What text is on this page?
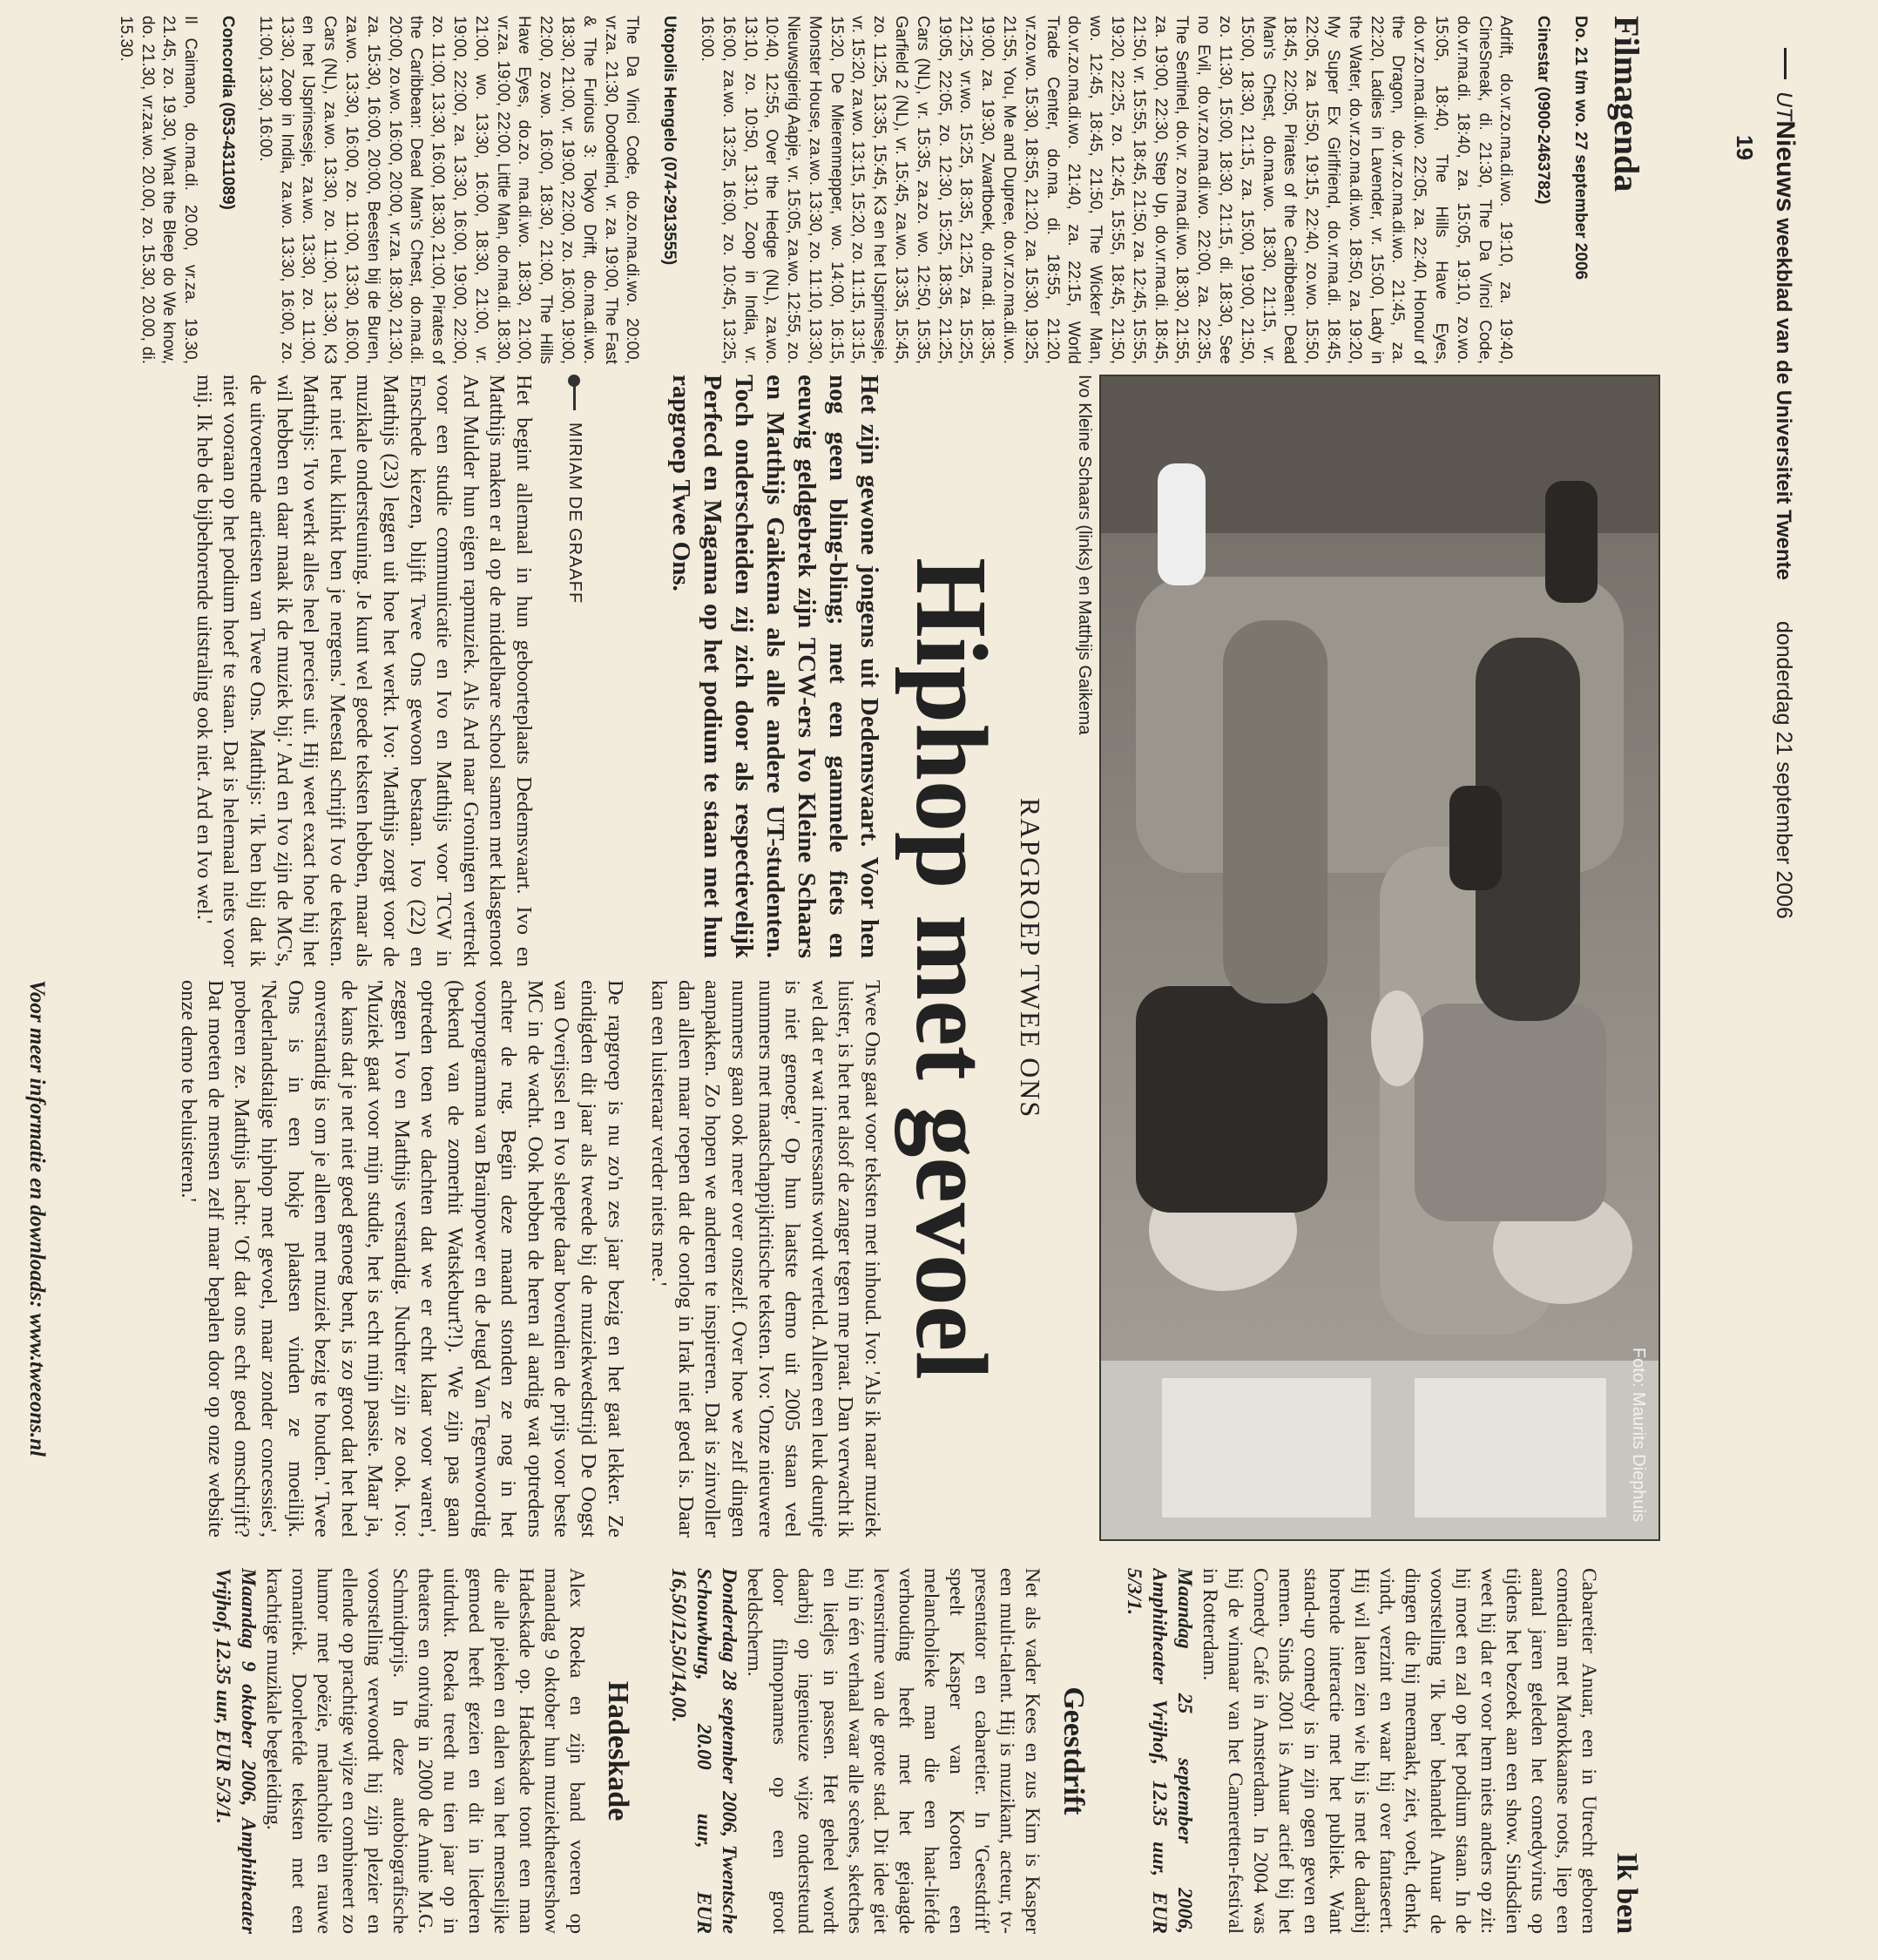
UTNieuws weekblad van de Universiteit Twente donderdag 21 september 2006
19
Filmagenda

Do. 21 t/m wo. 27 september 2006

Cinestar (0900-2463782)

Adrift, do.vr.zo.ma.di.wo. 19:10, za. 19:40, CineSneak, di. 21:30, The Da Vinci Code, do.vr.ma.di. 18:40, za. 15:05, 19:10, zo.wo. 15:05, 18:40, The Hills Have Eyes, do.vr.zo.ma.di.wo. 22:05, za. 22:40, Honour of the Dragon, do.vr.zo.ma.di.wo. 21:45, za. 22:20, Ladies in Lavender, vr. 15:00, Lady in the Water, do.vr.zo.ma.di.wo. 18:50, za. 19:20, My Super Ex Girlfriend, do.vr.ma.di. 18:45, 22:05, za. 15:50, 19:15, 22:40, zo.wo. 15:50, 18:45, 22:05, Pirates of the Caribbean: Dead Man's Chest, do.ma.wo. 18:30, 21:15, vr. 15:00, 18:30, 21:15, za. 15:00, 19:00, 21:50, zo. 11:30, 15:00, 18:30, 21:15, di. 18:30, See no Evil, do.vr.zo.ma.di.wo. 22:00, za. 22:35, The Sentinel, do.vr. zo.ma.di.wo. 18:30, 21:55, za. 19:00, 22:30, Step Up, do.vr.ma.di. 18:45, 21:50, vr. 15:55, 18:45, 21:50, za. 12:45, 15:55, 19:20, 22:25, zo. 12:45, 15:55, 18:45, 21:50, wo. 12:45, 18:45, 21:50, The Wicker Man, do.vr.zo.ma.di.wo. 21:40, za. 22:15, World Trade Center, do.ma. di. 18:55, 21:20, vr.zo.wo. 15:30, 18:55, 21:20, za. 15:30, 19:25, 21:55, You, Me and Dupree, do.vr.zo.ma.di.wo. 19:00, za. 19:30, Zwartboek, do.ma.di. 18:35, 21:25, vr.wo. 15:25, 18:35, 21:25, za. 15:25, 19:05, 22:05, zo. 12:30, 15:25, 18:35, 21:25, Cars (NL), vr. 15:35, za.zo. wo. 12:50, 15:35, Garfield 2 (NL), vr. 15:45, za.wo. 13:35, 15:45, zo. 11:25, 13:35, 15:45, K3 en het IJsprinsesje, vr. 15:20, za.wo. 13:15, 15:20, zo. 11:15, 13:15, 15:20, De Mierenmepper, wo. 14:00, 16:15, Monster House, za.wo. 13:30, zo. 11:10, 13:30, Nieuwsgierig Aapje, vr. 15:05, za.wo. 12:55, zo. 10:40, 12:55, Over the Hedge (NL), za.wo. 13:10, zo. 10:50, 13:10, Zoop in India, vr. 16:00, za.wo. 13:25, 16:00, zo. 10:45, 13:25, 16:00.

Utopolis Hengelo (074-2913555)

The Da Vinci Code, do.zo.ma.di.wo. 20:00, vr.za. 21:30, Doodeind, vr. za. 19:00, The Fast & The Furious 3: Tokyo Drift, do.ma.di.wo. 18:30, 21:00, vr. 19:00, 22:00, zo. 16:00, 19:00, 22:00, zo.wo. 16:00, 18:30, 21:00, The Hills Have Eyes, do.zo. ma.di.wo. 18:30, 21:00, vr.za. 19:00, 22:00, Little Man, do.ma.di. 18:30, 21:00, wo. 13:30, 16:00, 18:30, 21:00, vr. 19:00, 22:00, za. 13:30, 16:00, 19:00, 22:00, zo. 11:00, 13:30, 16:00, 18:30, 21:00, Pirates of the Caribbean: Dead Man's Chest, do.ma.di. 20:00, zo.wo. 16:00, 20:00, vr.za. 18:30, 21:30, za. 15:30, 16:00, 20:00, Beesten bij de Buren, za.wo. 13:30, 16:00, zo. 11:00, 13:30, 16:00, Cars (NL), za.wo. 13:30, zo. 11:00, 13:30, K3 en het IJsprinsesje, za.wo. 13:30, zo. 11:00, 13:30, Zoop in India, za.wo. 13:30, 16:00, zo. 11:00, 13:30, 16:00.

Concordia (053-4311089)

Il Caimano, do.ma.di. 20.00, vr.za. 19.30, 21.45, zo. 19.30, What the Bleep do We know, do. 21.30, vr.za.wo. 20.00, zo. 15.30, 20.00, di. 15.30.

Foto: Maurits Diephuis
Ivo Kleine Schaars (links) en Matthijs Gaikema
RAPGROEP TWEE ONS
Hiphop met gevoel
Het zijn gewone jongens uit Dedemsvaart. Voor hen nog geen bling-bling; met een gammele fiets en eeuwig geldgebrek zijn TCW-ers Ivo Kleine Schaars en Matthijs Gaikema als alle andere UT-studenten. Toch onderscheiden zij zich door als respectievelijk Perfecd en Magama op het podium te staan met hun rapgroep Twee Ons.
MIRIAM DE GRAAFF

Het begint allemaal in hun geboorteplaats Dedemsvaart. Ivo en Matthijs maken er al op de middelbare school samen met klasgenoot Ard Mulder hun eigen rapmuziek. Als Ard naar Groningen vertrekt voor een studie communicatie en Ivo en Matthijs voor TCW in Enschede kiezen, blijft Twee Ons gewoon bestaan. Ivo (22) en Matthijs (23) leggen uit hoe het werkt. Ivo: 'Matthijs zorgt voor de muzikale ondersteuning. Je kunt wel goede teksten hebben, maar als het niet leuk klinkt ben je nergens.' Meestal schrijft Ivo de teksten. Matthijs: 'Ivo werkt alles heel precies uit. Hij weet exact hoe hij het wil hebben en daar maak ik de muziek bij.' Ard en Ivo zijn de MC's, de uitvoerende artiesten van Twee Ons. Matthijs: 'Ik ben blij dat ik niet vooraan op het podium hoef te staan. Dat is helemaal niets voor mij. Ik heb de bijbehorende uitstraling ook niet. Ard en Ivo wel.'

Twee Ons gaat voor teksten met inhoud. Ivo: 'Als ik naar muziek luister, is het net alsof de zanger tegen me praat. Dan verwacht ik wel dat er wat interessants wordt verteld. Alleen een leuk deuntje is niet genoeg.' Op hun laatste demo uit 2005 staan veel nummers met maatschappijkritische teksten. Ivo: 'Onze nieuwere nummers gaan ook meer over onszelf. Over hoe we zelf dingen aanpakken. Zo hopen we anderen te inspireren. Dat is zinvoller dan alleen maar roepen dat de oorlog in Irak niet goed is. Daar kan een luisteraar verder niets mee.'

De rapgroep is nu zo'n zes jaar bezig en het gaat lekker. Ze eindigden dit jaar als tweede bij de muziekwedstrijd De Oogst van Overijssel en Ivo sleepte daar bovendien de prijs voor beste MC in de wacht. Ook hebben de heren al aardig wat optredens achter de rug. Begin deze maand stonden ze nog in het voorprogramma van Brainpower en de Jeugd Van Tegenwoordig (bekend van de zomerhit Watskeburt?!). 'We zijn pas gaan optreden toen we dachten dat we er echt klaar voor waren', zeggen Ivo en Matthijs verstandig. Nuchter zijn ze ook. Ivo: 'Muziek gaat voor mijn studie, het is echt mijn passie. Maar ja, de kans dat je net niet goed genoeg bent, is zo groot dat het heel onverstandig is om je alleen met muziek bezig te houden.' Twee Ons is in een hokje plaatsen vinden ze moeilijk. 'Nederlandstalige hiphop met gevoel, maar zonder concessies', proberen ze. Matthijs lacht: 'Of dat ons echt goed omschrijft? Dat moeten de mensen zelf maar bepalen door op onze website onze demo te beluisteren.'

Voor meer informatie en downloads: www.tweeons.nl
Ik ben

Cabaretier Anuar, een in Utrecht geboren comedian met Marokkaanse roots, liep een aantal jaren geleden het comedyvirus op tijdens het bezoek aan een show. Sindsdien weet hij dat er voor hem niets anders op zit: hij moet en zal op het podium staan. In de voorstelling 'Ik ben' behandelt Anuar de dingen die hij meemaakt, ziet, voelt, denkt, vindt, verzint en waar hij over fantaseert. Hij wil laten zien wie hij is met de daarbij horende interactie met het publiek. Want stand-up comedy is in zijn ogen geven en nemen. Sinds 2001 is Anuar actief bij het Comedy Café in Amsterdam. In 2004 was hij de winnaar van het Cameretten-festival in Rotterdam.

Maandag 25 september 2006, Amphitheater Vrijhof, 12.35 uur, EUR 5/3/1.

Geestdrift

Net als vader Kees en zus Kim is Kasper een multi-talent. Hij is muzikant, acteur, tv-presentator en cabaretier. In 'Geestdrift' speelt Kasper van Kooten een melancholieke man die een haat-liefde verhouding heeft met het gejaagde levensritme van de grote stad. Dit idee giet hij in één verhaal waar alle scènes, sketches en liedjes in passen. Het geheel wordt daarbij op ingenieuze wijze ondersteund door filmopnames op een groot beeldscherm.

Donderdag 28 september 2006, Twentsche Schouwburg, 20.00 uur, EUR 16,50/12,50/14,00.

Hadeskade

Alex Roeka en zijn band voeren op maandag 9 oktober hun muziektheatershow Hadeskade op. Hadeskade toont een man die alle pieken en dalen van het menselijke gemoed heeft gezien en dit in liederen uitdrukt. Roeka treedt nu tien jaar op in theaters en ontving in 2000 de Annie M.G. Schmidtprijs. In deze autobiografische voorstelling verwoordt hij zijn plezier en ellende op prachtige wijze en combineert zo humor met poëzie, melancholie en rauwe romantiek. Doorleefde teksten met een krachtige muzikale begeleiding.

Maandag 9 oktober 2006, Amphitheater Vrijhof, 12.35 uur, EUR 5/3/1.
